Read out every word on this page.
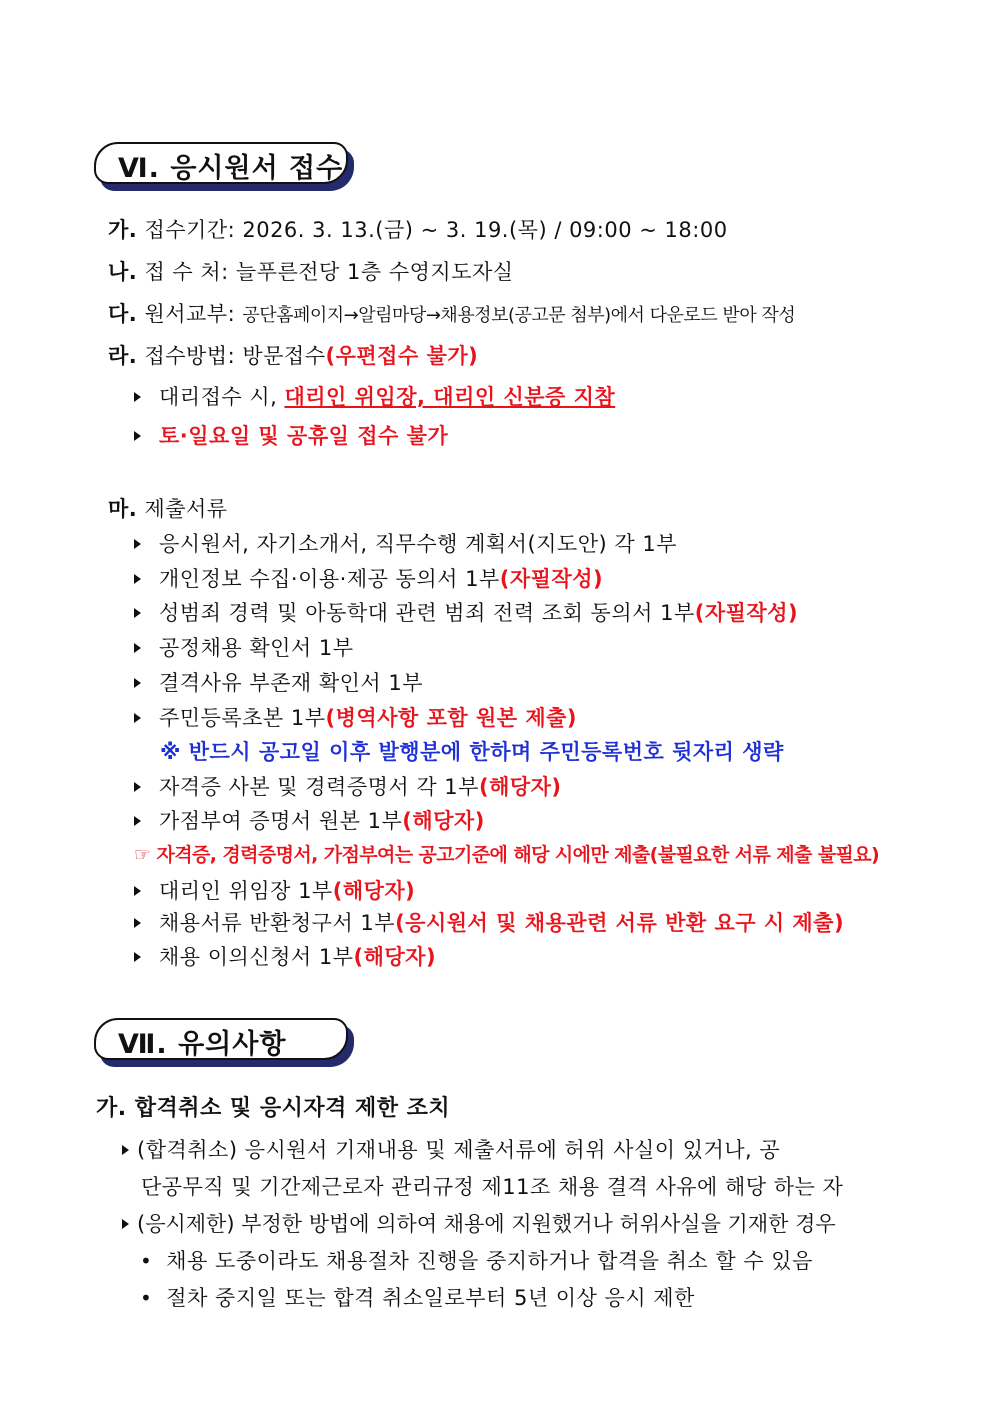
Ⅵ. 응시원서 접수
가. 접수기간: 2026. 3. 13.(금) ~ 3. 19.(목) / 09:00 ~ 18:00
나. 접 수 처: 늘푸른전당 1층 수영지도자실
다. 원서교부: 공단홈페이지→알림마당→채용정보(공고문 첨부)에서 다운로드 받아 작성
라. 접수방법: 방문접수(우편접수 불가)
대리접수 시, 대리인 위임장, 대리인 신분증 지참
토·일요일 및 공휴일 접수 불가
마. 제출서류
응시원서, 자기소개서, 직무수행 계획서(지도안) 각 1부
개인정보 수집·이용·제공 동의서 1부(자필작성)
성범죄 경력 및 아동학대 관련 범죄 전력 조회 동의서 1부(자필작성)
공정채용 확인서 1부
결격사유 부존재 확인서 1부
주민등록초본 1부(병역사항 포함 원본 제출)
※ 반드시 공고일 이후 발행분에 한하며 주민등록번호 뒷자리 생략
자격증 사본 및 경력증명서 각 1부(해당자)
가점부여 증명서 원본 1부(해당자)
☞ 자격증, 경력증명서, 가점부여는 공고기준에 해당 시에만 제출(불필요한 서류 제출 불필요)
대리인 위임장 1부(해당자)
채용서류 반환청구서 1부(응시원서 및 채용관련 서류 반환 요구 시 제출)
채용 이의신청서 1부(해당자)
Ⅶ. 유의사항
가. 합격취소 및 응시자격 제한 조치
(합격취소) 응시원서 기재내용 및 제출서류에 허위 사실이 있거나, 공
단공무직 및 기간제근로자 관리규정 제11조 채용 결격 사유에 해당 하는 자
(응시제한) 부정한 방법에 의하여 채용에 지원했거나 허위사실을 기재한 경우
• 채용 도중이라도 채용절차 진행을 중지하거나 합격을 취소 할 수 있음
• 절차 중지일 또는 합격 취소일로부터 5년 이상 응시 제한
